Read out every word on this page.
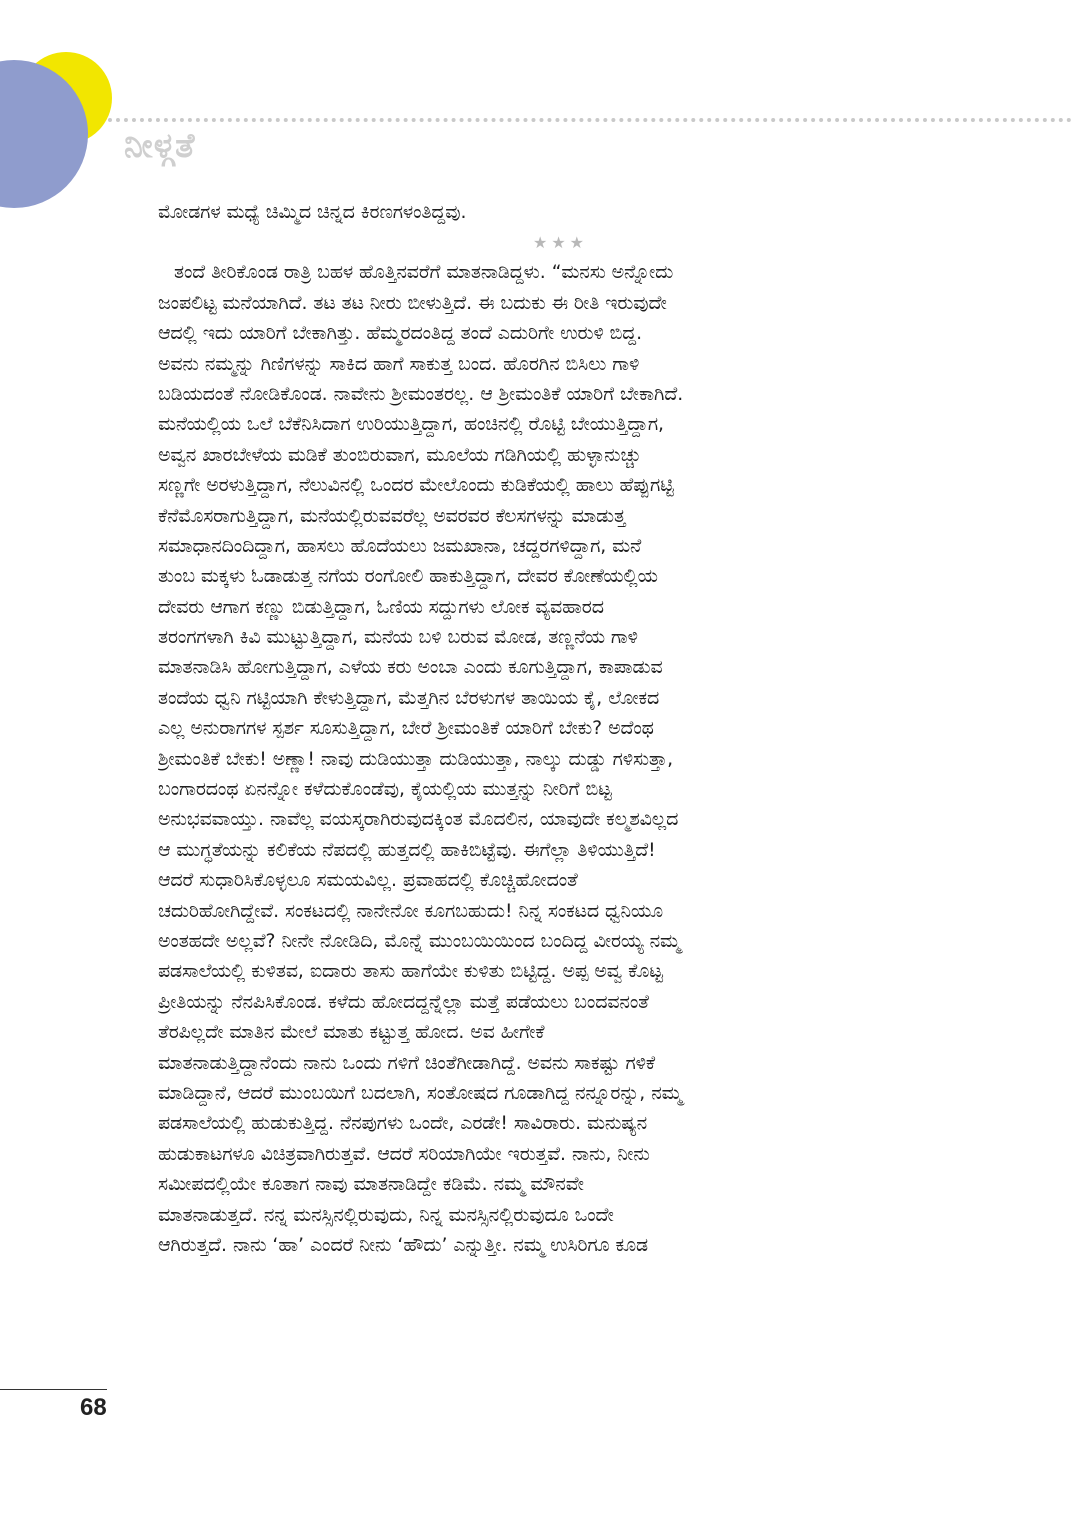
ನೀಳ್ಗತೆ
ಮೋಡಗಳ ಮಧ್ಯೆ ಚಿಮ್ಮಿದ ಚಿನ್ನದ ಕಿರಣಗಳಂತಿದ್ದವು.
★★★
ತಂದೆ ತೀರಿಕೊಂಡ ರಾತ್ರಿ ಬಹಳ ಹೊತ್ತಿನವರೆಗೆ ಮಾತನಾಡಿದ್ದಳು. “ಮನಸು ಅನ್ನೋದು
ಜಂಪಲಿಟ್ಟ ಮನೆಯಾಗಿದೆ. ತಟ ತಟ ನೀರು ಬೀಳುತ್ತಿದೆ. ಈ ಬದುಕು ಈ ರೀತಿ ಇರುವುದೇ
ಆದಲ್ಲಿ ಇದು ಯಾರಿಗೆ ಬೇಕಾಗಿತ್ತು. ಹೆಮ್ಮರದಂತಿದ್ದ ತಂದೆ ಎದುರಿಗೇ ಉರುಳಿ ಬಿದ್ದ.
ಅವನು ನಮ್ಮನ್ನು ಗಿಣಿಗಳನ್ನು ಸಾಕಿದ ಹಾಗೆ ಸಾಕುತ್ತ ಬಂದ. ಹೊರಗಿನ ಬಿಸಿಲು ಗಾಳಿ
ಬಡಿಯದಂತೆ ನೋಡಿಕೊಂಡ. ನಾವೇನು ಶ್ರೀಮಂತರಲ್ಲ. ಆ ಶ್ರೀಮಂತಿಕೆ ಯಾರಿಗೆ ಬೇಕಾಗಿದೆ.
ಮನೆಯಲ್ಲಿಯ ಒಲೆ ಬೆಕೆನಿಸಿದಾಗ ಉರಿಯುತ್ತಿದ್ದಾಗ, ಹಂಚಿನಲ್ಲಿ ರೊಟ್ಟಿ ಬೇಯುತ್ತಿದ್ದಾಗ,
ಅವ್ವನ ಖಾರಬೇಳೆಯ ಮಡಿಕೆ ತುಂಬಿರುವಾಗ, ಮೂಲೆಯ ಗಡಿಗಿಯಲ್ಲಿ ಹುಳ್ಳಾನುಚ್ಚು
ಸಣ್ಣಗೇ ಅರಳುತ್ತಿದ್ದಾಗ, ನೆಲುವಿನಲ್ಲಿ ಒಂದರ ಮೇಲೊಂದು ಕುಡಿಕೆಯಲ್ಲಿ ಹಾಲು ಹೆಪ್ಪುಗಟ್ಟಿ
ಕೆನೆಮೊಸರಾಗುತ್ತಿದ್ದಾಗ, ಮನೆಯಲ್ಲಿರುವವರೆಲ್ಲ ಅವರವರ ಕೆಲಸಗಳನ್ನು ಮಾಡುತ್ತ
ಸಮಾಧಾನದಿಂದಿದ್ದಾಗ, ಹಾಸಲು ಹೊದೆಯಲು ಜಮಖಾನಾ, ಚದ್ದರಗಳಿದ್ದಾಗ, ಮನೆ
ತುಂಬ ಮಕ್ಕಳು ಓಡಾಡುತ್ತ ನಗೆಯ ರಂಗೋಲಿ ಹಾಕುತ್ತಿದ್ದಾಗ, ದೇವರ ಕೋಣೆಯಲ್ಲಿಯ
ದೇವರು ಆಗಾಗ ಕಣ್ಣು ಬಿಡುತ್ತಿದ್ದಾಗ, ಓಣಿಯ ಸದ್ದುಗಳು ಲೋಕ ವ್ಯವಹಾರದ
ತರಂಗಗಳಾಗಿ ಕಿವಿ ಮುಟ್ಟುತ್ತಿದ್ದಾಗ, ಮನೆಯ ಬಳಿ ಬರುವ ಮೋಡ, ತಣ್ಣನೆಯ ಗಾಳಿ
ಮಾತನಾಡಿಸಿ ಹೋಗುತ್ತಿದ್ದಾಗ, ಎಳೆಯ ಕರು ಅಂಬಾ ಎಂದು ಕೂಗುತ್ತಿದ್ದಾಗ, ಕಾಪಾಡುವ
ತಂದೆಯ ಧ್ವನಿ ಗಟ್ಟಿಯಾಗಿ ಕೇಳುತ್ತಿದ್ದಾಗ, ಮೆತ್ತಗಿನ ಬೆರಳುಗಳ ತಾಯಿಯ ಕೈ, ಲೋಕದ
ಎಲ್ಲ ಅನುರಾಗಗಳ ಸ್ಪರ್ಶ ಸೂಸುತ್ತಿದ್ದಾಗ, ಬೇರೆ ಶ್ರೀಮಂತಿಕೆ ಯಾರಿಗೆ ಬೇಕು? ಅದೆಂಥ
ಶ್ರೀಮಂತಿಕೆ ಬೇಕು! ಅಣ್ಣಾ! ನಾವು ದುಡಿಯುತ್ತಾ ದುಡಿಯುತ್ತಾ, ನಾಲ್ಕು ದುಡ್ಡು ಗಳಿಸುತ್ತಾ,
ಬಂಗಾರದಂಥ ಏನನ್ನೋ ಕಳೆದುಕೊಂಡೆವು, ಕೈಯಲ್ಲಿಯ ಮುತ್ತನ್ನು ನೀರಿಗೆ ಬಿಟ್ಟ
ಅನುಭವವಾಯ್ತು. ನಾವೆಲ್ಲ ವಯಸ್ಕರಾಗಿರುವುದಕ್ಕಿಂತ ಮೊದಲಿನ, ಯಾವುದೇ ಕಲ್ಮಶವಿಲ್ಲದ
ಆ ಮುಗ್ಧತೆಯನ್ನು ಕಲಿಕೆಯ ನೆಪದಲ್ಲಿ ಹುತ್ತದಲ್ಲಿ ಹಾಕಿಬಿಟ್ಟೆವು. ಈಗೆಲ್ಲಾ ತಿಳಿಯುತ್ತಿದೆ!
ಆದರೆ ಸುಧಾರಿಸಿಕೊಳ್ಳಲೂ ಸಮಯವಿಲ್ಲ. ಪ್ರವಾಹದಲ್ಲಿ ಕೊಚ್ಚಿಹೋದಂತೆ
ಚದುರಿಹೋಗಿದ್ದೇವೆ. ಸಂಕಟದಲ್ಲಿ ನಾನೇನೋ ಕೂಗಬಹುದು! ನಿನ್ನ ಸಂಕಟದ ಧ್ವನಿಯೂ
ಅಂತಹದೇ ಅಲ್ಲವೆ? ನೀನೇ ನೋಡಿದಿ, ಮೊನ್ನೆ ಮುಂಬಯಿಯಿಂದ ಬಂದಿದ್ದ ವೀರಯ್ಯ ನಮ್ಮ
ಪಡಸಾಲೆಯಲ್ಲಿ ಕುಳಿತವ, ಐದಾರು ತಾಸು ಹಾಗೆಯೇ ಕುಳಿತು ಬಿಟ್ಟಿದ್ದ. ಅಪ್ಪ ಅವ್ವ ಕೊಟ್ಟ
ಪ್ರೀತಿಯನ್ನು ನೆನಪಿಸಿಕೊಂಡ. ಕಳೆದು ಹೋದದ್ದನ್ನೆಲ್ಲಾ ಮತ್ತೆ ಪಡೆಯಲು ಬಂದವನಂತೆ
ತೆರಪಿಲ್ಲದೇ ಮಾತಿನ ಮೇಲೆ ಮಾತು ಕಟ್ಟುತ್ತ ಹೋದ. ಅವ ಹೀಗೇಕೆ
ಮಾತನಾಡುತ್ತಿದ್ದಾನೆಂದು ನಾನು ಒಂದು ಗಳಿಗೆ ಚಿಂತೆಗೀಡಾಗಿದ್ದೆ. ಅವನು ಸಾಕಷ್ಟು ಗಳಿಕೆ
ಮಾಡಿದ್ದಾನೆ, ಆದರೆ ಮುಂಬಯಿಗೆ ಬದಲಾಗಿ, ಸಂತೋಷದ ಗೂಡಾಗಿದ್ದ ನನ್ನೂರನ್ನು, ನಮ್ಮ
ಪಡಸಾಲೆಯಲ್ಲಿ ಹುಡುಕುತ್ತಿದ್ದ. ನೆನಪುಗಳು ಒಂದೇ, ಎರಡೇ! ಸಾವಿರಾರು. ಮನುಷ್ಯನ
ಹುಡುಕಾಟಗಳೂ ವಿಚಿತ್ರವಾಗಿರುತ್ತವೆ. ಆದರೆ ಸರಿಯಾಗಿಯೇ ಇರುತ್ತವೆ. ನಾನು, ನೀನು
ಸಮೀಪದಲ್ಲಿಯೇ ಕೂತಾಗ ನಾವು ಮಾತನಾಡಿದ್ದೇ ಕಡಿಮೆ. ನಮ್ಮ ಮೌನವೇ
ಮಾತನಾಡುತ್ತದೆ. ನನ್ನ ಮನಸ್ಸಿನಲ್ಲಿರುವುದು, ನಿನ್ನ ಮನಸ್ಸಿನಲ್ಲಿರುವುದೂ ಒಂದೇ
ಆಗಿರುತ್ತದೆ. ನಾನು ‘ಹಾ’ ಎಂದರೆ ನೀನು ‘ಹೌದು’ ಎನ್ನುತ್ತೀ. ನಮ್ಮ ಉಸಿರಿಗೂ ಕೂಡ
68
